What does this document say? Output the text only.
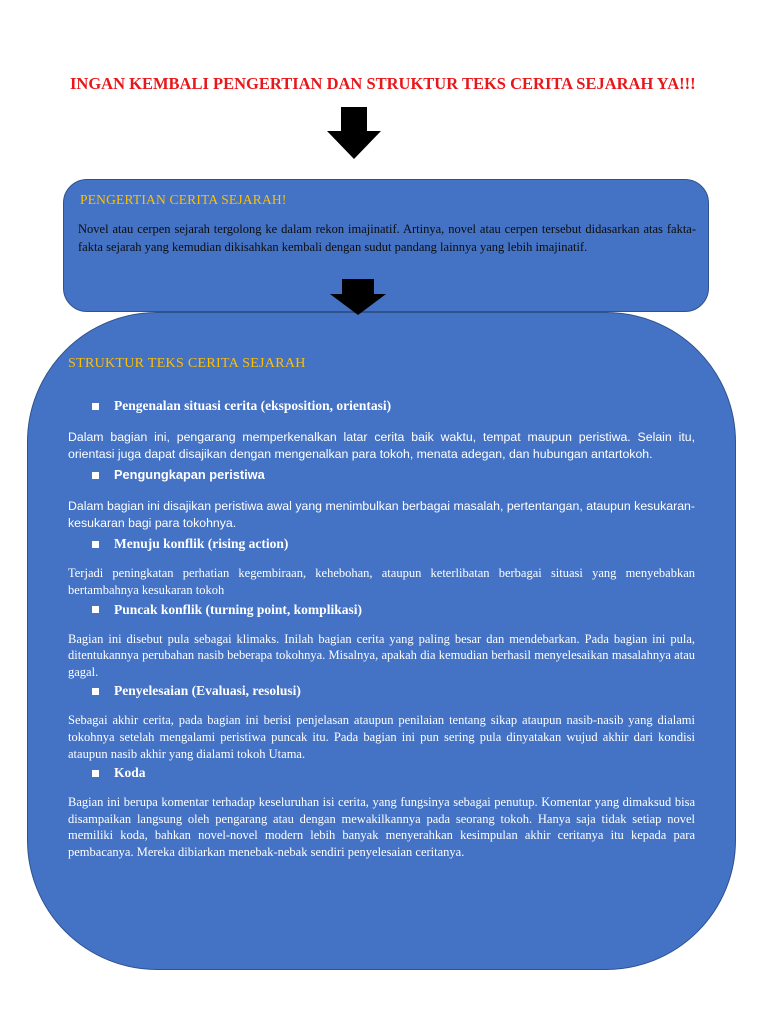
INGAN KEMBALI PENGERTIAN DAN STRUKTUR TEKS CERITA SEJARAH YA!!!
PENGERTIAN CERITA SEJARAH!
Novel atau cerpen sejarah tergolong ke dalam rekon imajinatif. Artinya, novel atau cerpen tersebut didasarkan atas fakta-fakta sejarah yang kemudian dikisahkan kembali dengan sudut pandang lainnya yang lebih imajinatif.
STRUKTUR TEKS CERITA SEJARAH
Pengenalan situasi cerita (eksposition, orientasi)

Dalam bagian ini, pengarang memperkenalkan latar cerita baik waktu, tempat maupun peristiwa. Selain itu, orientasi juga dapat disajikan dengan mengenalkan para tokoh, menata adegan, dan hubungan antartokoh.

Pengungkapan peristiwa

Dalam bagian ini disajikan peristiwa awal yang menimbulkan berbagai masalah, pertentangan, ataupun kesukaran-kesukaran bagi para tokohnya.

Menuju konflik (rising action)

Terjadi peningkatan perhatian kegembiraan, kehebohan, ataupun keterlibatan berbagai situasi yang menyebabkan bertambahnya kesukaran tokoh

Puncak konflik (turning point, komplikasi)

Bagian ini disebut pula sebagai klimaks. Inilah bagian cerita yang paling besar dan mendebarkan. Pada bagian ini pula, ditentukannya perubahan nasib beberapa tokohnya. Misalnya, apakah dia kemudian berhasil menyelesaikan masalahnya atau gagal.

Penyelesaian (Evaluasi, resolusi)

Sebagai akhir cerita, pada bagian ini berisi penjelasan ataupun penilaian tentang sikap ataupun nasib-nasib yang dialami tokohnya setelah mengalami peristiwa puncak itu. Pada bagian ini pun sering pula dinyatakan wujud akhir dari kondisi ataupun nasib akhir yang dialami tokoh Utama.

Koda

Bagian ini berupa komentar terhadap keseluruhan isi cerita, yang fungsinya sebagai penutup. Komentar yang dimaksud bisa disampaikan langsung oleh pengarang atau dengan mewakilkannya pada seorang tokoh. Hanya saja tidak setiap novel memiliki koda, bahkan novel-novel modern lebih banyak menyerahkan kesimpulan akhir ceritanya itu kepada para pembacanya. Mereka dibiarkan menebak-nebak sendiri penyelesaian ceritanya.
